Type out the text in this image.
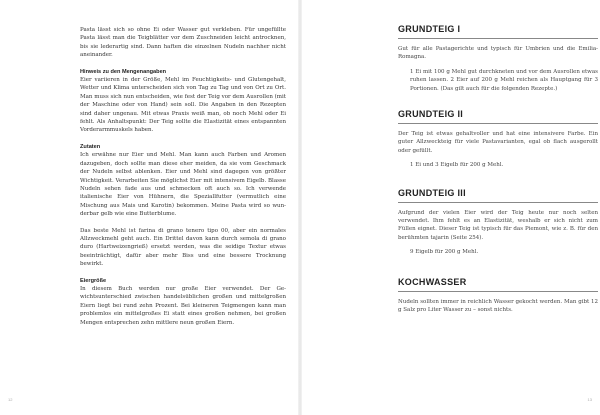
Pasta lässt sich so ohne Ei oder Wasser gut verkleben. Für ungefüllte Pasta lässt man die Teigblätter vor dem Zuschneiden leicht antrocknen, bis sie lederartig sind. Dann haften die einzelnen Nudeln nachher nicht aneinander.

Hinweis zu den Mengenangaben

Eier variieren in der Größe, Mehl im Feuchtigkeits- und Glutengehalt, Wetter und Klima unterscheiden sich von Tag zu Tag und von Ort zu Ort. Man muss sich nun entscheiden, wie fest der Teig vor dem Ausrollen (mit der Maschine oder von Hand) sein soll. Die Angaben in den Rezepten sind daher ungenau. Mit etwas Praxis weiß man, ob noch Mehl oder Ei fehlt. Als Anhaltspunkt: Der Teig sollte die Elastizität eines entspannten Vorderarmmuskels haben.

Zutaten

Ich erwähne nur Eier und Mehl. Man kann auch Farben und Aromen dazugeben, doch sollte man diese eher meiden, da sie vom Geschmack der Nudeln selbst ablenken. Eier und Mehl sind dagegen von größter Wichtigkeit. Verarbeiten Sie möglichst Eier mit intensivem Eigelb. Blasse Nudeln sehen fade aus und schmecken oft auch so. Ich verwende italienische Eier von Hühnern, die Speziallfutter (vermutlich eine Mischung aus Mais und Karotin) bekommen. Meine Pasta wird so wunderbar gelb wie eine Butterblume.

Das beste Mehl ist farina di grano tenero tipo 00, aber ein normales Allzweckmehl geht auch. Ein Drittel davon kann durch semola di grano duro (Hartweizengrieß) ersetzt werden, was die seidige Textur etwas beeinträchtigt, dafür aber mehr Biss und eine bessere Trocknung bewirkt.

Eiergröße

In diesem Buch werden nur große Eier verwendet. Der Gewichtsunterschied zwischen handelsüblichen großen und mittelgroßen Eiern liegt bei rund zehn Prozent. Bei kleineren Teigmengen kann man problemlos ein mittelgroßes Ei statt eines großen nehmen, bei großen Mengen entsprechen zehn mittlere neun großen Eiern.

12
GRUNDTEIG I

Gut für alle Pastagerichte und typisch für Umbrien und die Emilia-Romagna.

1 Ei mit 100 g Mehl gut durchkneten und vor dem Ausrollen etwas ruhen lassen. 2 Eier auf 200 g Mehl reichen als Hauptgang für 3 Portionen. (Das gilt auch für die folgenden Rezepte.)

GRUNDTEIG II

Der Teig ist etwas gehaltvoller und hat eine intensivere Farbe. Ein guter Allzweckteig für viele Pastavarianten, egal ob flach ausgerollt oder gefüllt.

1 Ei und 3 Eigelb für 200 g Mehl.

GRUNDTEIG III

Aufgrund der vielen Eier wird der Teig heute nur noch selten verwendet. Ihm fehlt es an Elastizität, weshalb er sich nicht zum Füllen eignet. Dieser Teig ist typisch für das Piemont, wie z. B. für den berühmten tajarin (Seite 254).

9 Eigelb für 200 g Mehl.

KOCHWASSER

Nudeln sollten immer in reichlich Wasser gekocht werden. Man gibt 12 g Salz pro Liter Wasser zu – sonst nichts.

13
